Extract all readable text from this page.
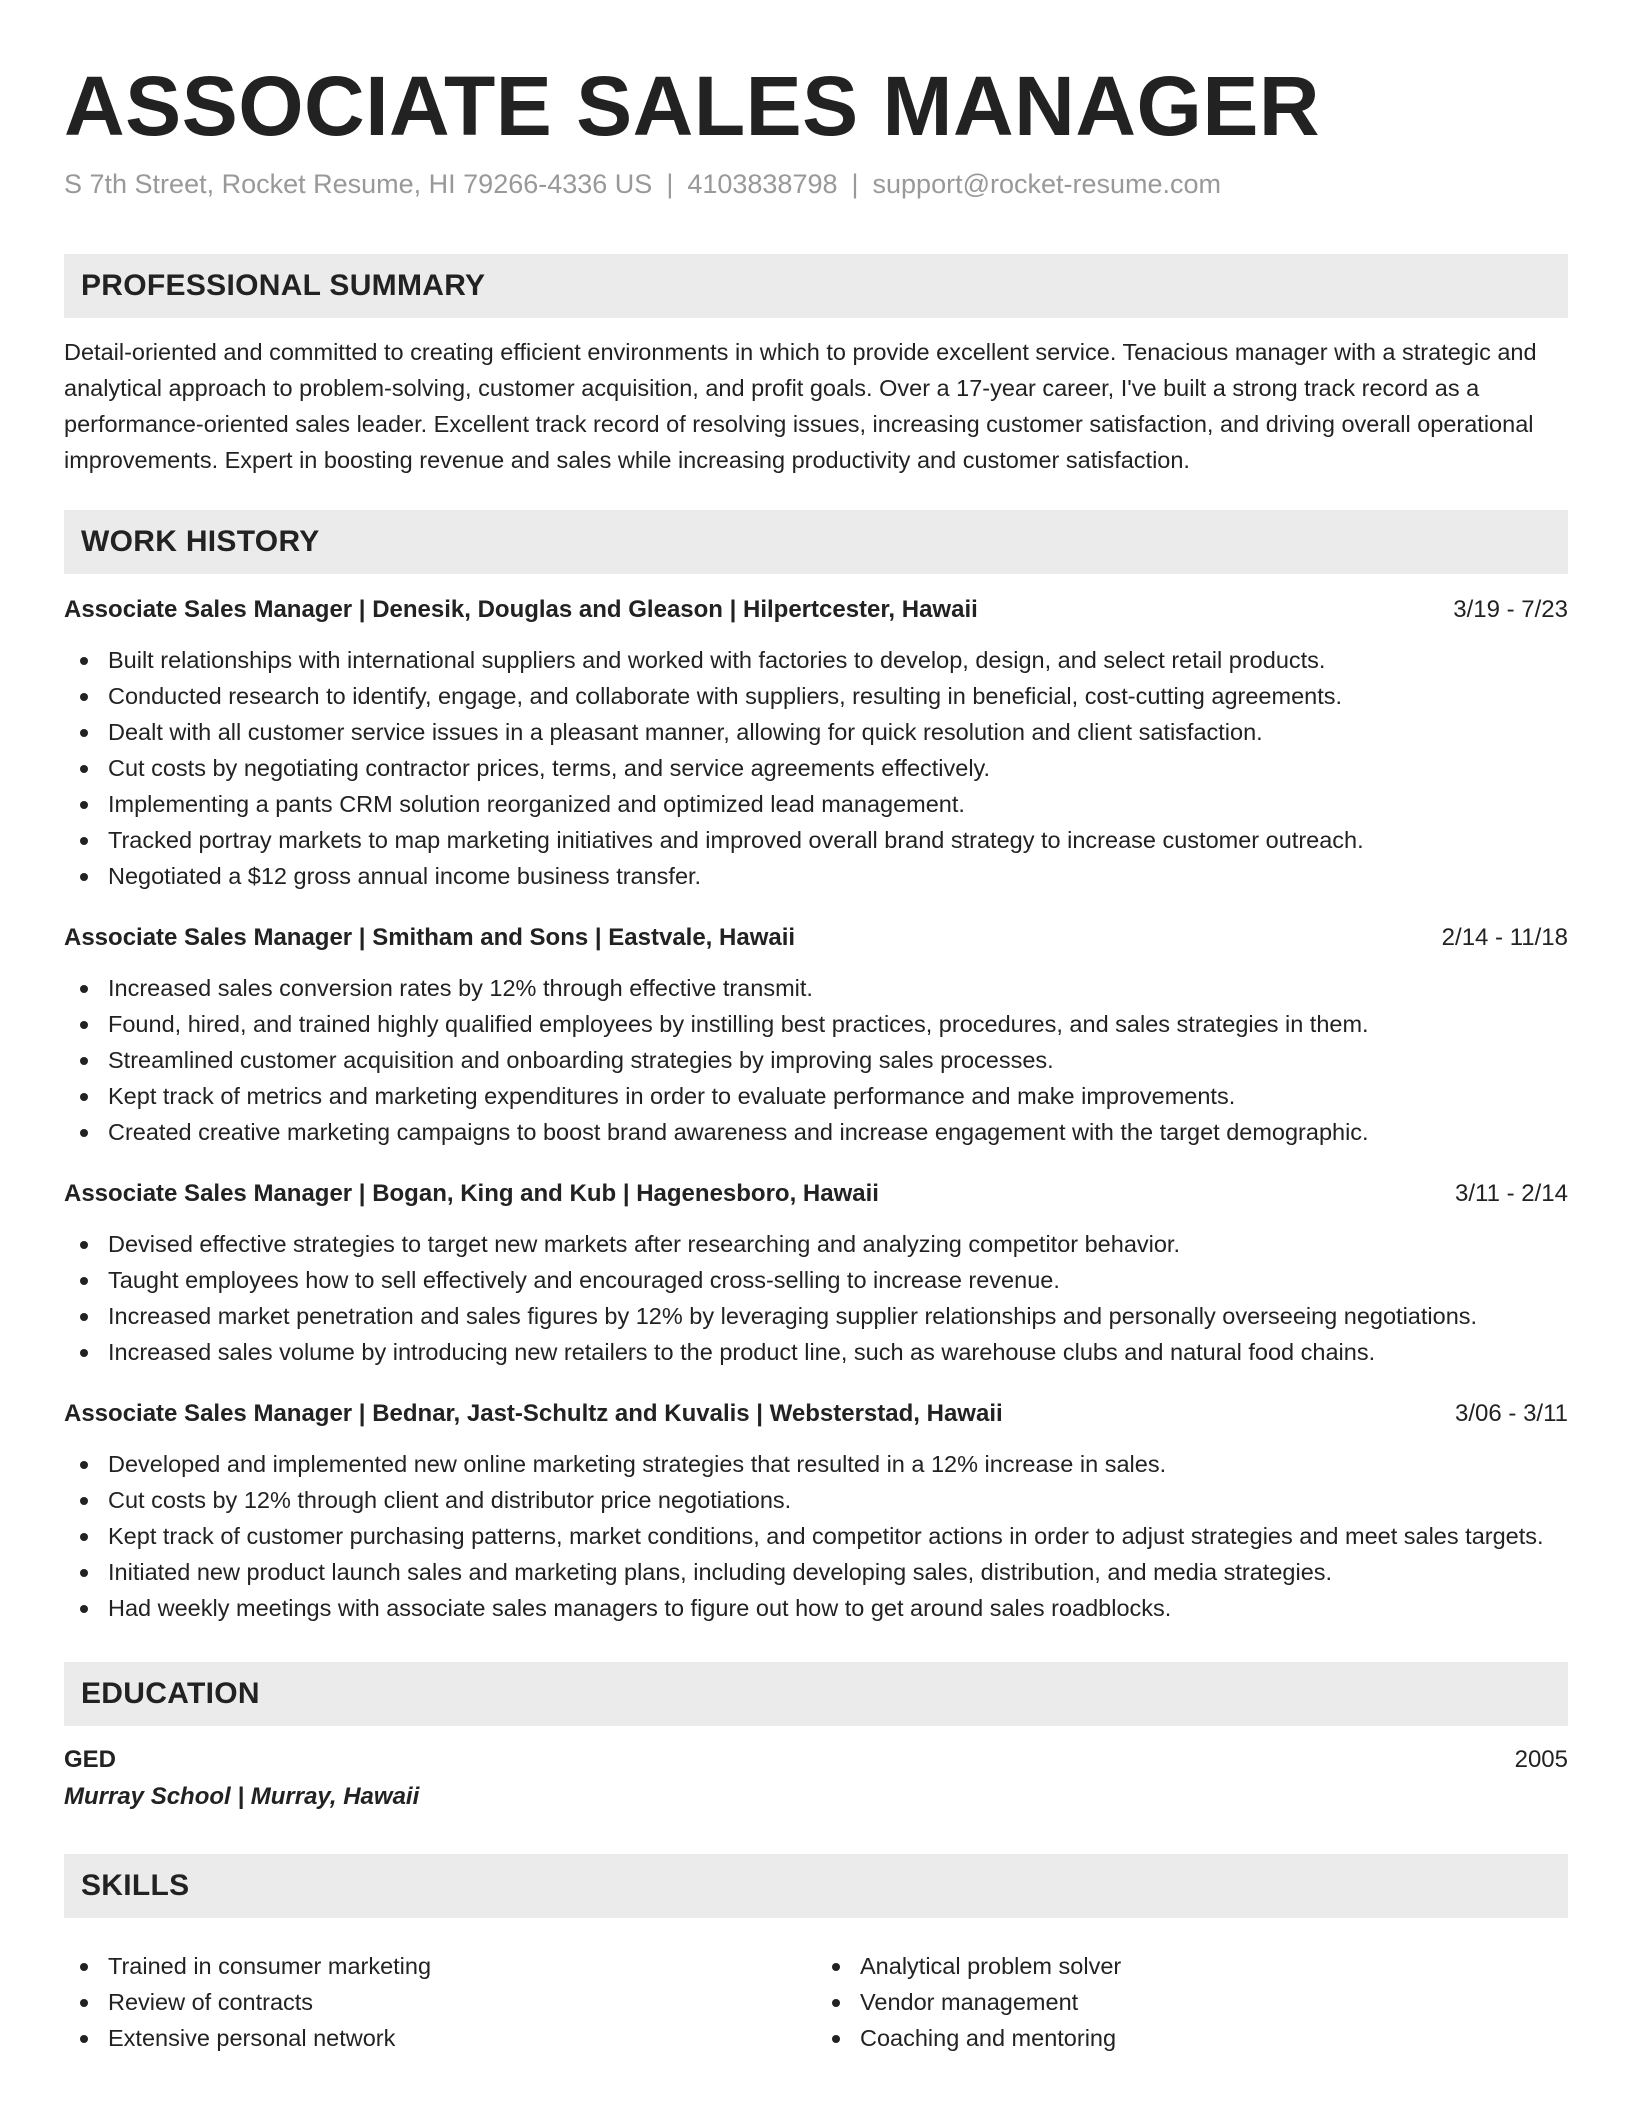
ASSOCIATE SALES MANAGER
S 7th Street, Rocket Resume, HI 79266-4336 US | 4103838798 | support@rocket-resume.com
PROFESSIONAL SUMMARY

Detail-oriented and committed to creating efficient environments in which to provide excellent service. Tenacious manager with a strategic and analytical approach to problem-solving, customer acquisition, and profit goals. Over a 17-year career, I've built a strong track record as a performance-oriented sales leader. Excellent track record of resolving issues, increasing customer satisfaction, and driving overall operational improvements. Expert in boosting revenue and sales while increasing productivity and customer satisfaction.

WORK HISTORY
Associate Sales Manager | Denesik, Douglas and Gleason | Hilpertcester, Hawaii	3/19 - 7/23
Built relationships with international suppliers and worked with factories to develop, design, and select retail products.
Conducted research to identify, engage, and collaborate with suppliers, resulting in beneficial, cost-cutting agreements.
Dealt with all customer service issues in a pleasant manner, allowing for quick resolution and client satisfaction.
Cut costs by negotiating contractor prices, terms, and service agreements effectively.
Implementing a pants CRM solution reorganized and optimized lead management.
Tracked portray markets to map marketing initiatives and improved overall brand strategy to increase customer outreach.
Negotiated a $12 gross annual income business transfer.
Associate Sales Manager | Smitham and Sons | Eastvale, Hawaii	2/14 - 11/18
Increased sales conversion rates by 12% through effective transmit.
Found, hired, and trained highly qualified employees by instilling best practices, procedures, and sales strategies in them.
Streamlined customer acquisition and onboarding strategies by improving sales processes.
Kept track of metrics and marketing expenditures in order to evaluate performance and make improvements.
Created creative marketing campaigns to boost brand awareness and increase engagement with the target demographic.
Associate Sales Manager | Bogan, King and Kub | Hagenesboro, Hawaii	3/11 - 2/14
Devised effective strategies to target new markets after researching and analyzing competitor behavior.
Taught employees how to sell effectively and encouraged cross-selling to increase revenue.
Increased market penetration and sales figures by 12% by leveraging supplier relationships and personally overseeing negotiations.
Increased sales volume by introducing new retailers to the product line, such as warehouse clubs and natural food chains.
Associate Sales Manager | Bednar, Jast-Schultz and Kuvalis | Websterstad, Hawaii	3/06 - 3/11
Developed and implemented new online marketing strategies that resulted in a 12% increase in sales.
Cut costs by 12% through client and distributor price negotiations.
Kept track of customer purchasing patterns, market conditions, and competitor actions in order to adjust strategies and meet sales targets.
Initiated new product launch sales and marketing plans, including developing sales, distribution, and media strategies.
Had weekly meetings with associate sales managers to figure out how to get around sales roadblocks.
EDUCATION
GED	2005
Murray School | Murray, Hawaii
SKILLS
Trained in consumer marketing
Review of contracts
Extensive personal network
Analytical problem solver
Vendor management
Coaching and mentoring
